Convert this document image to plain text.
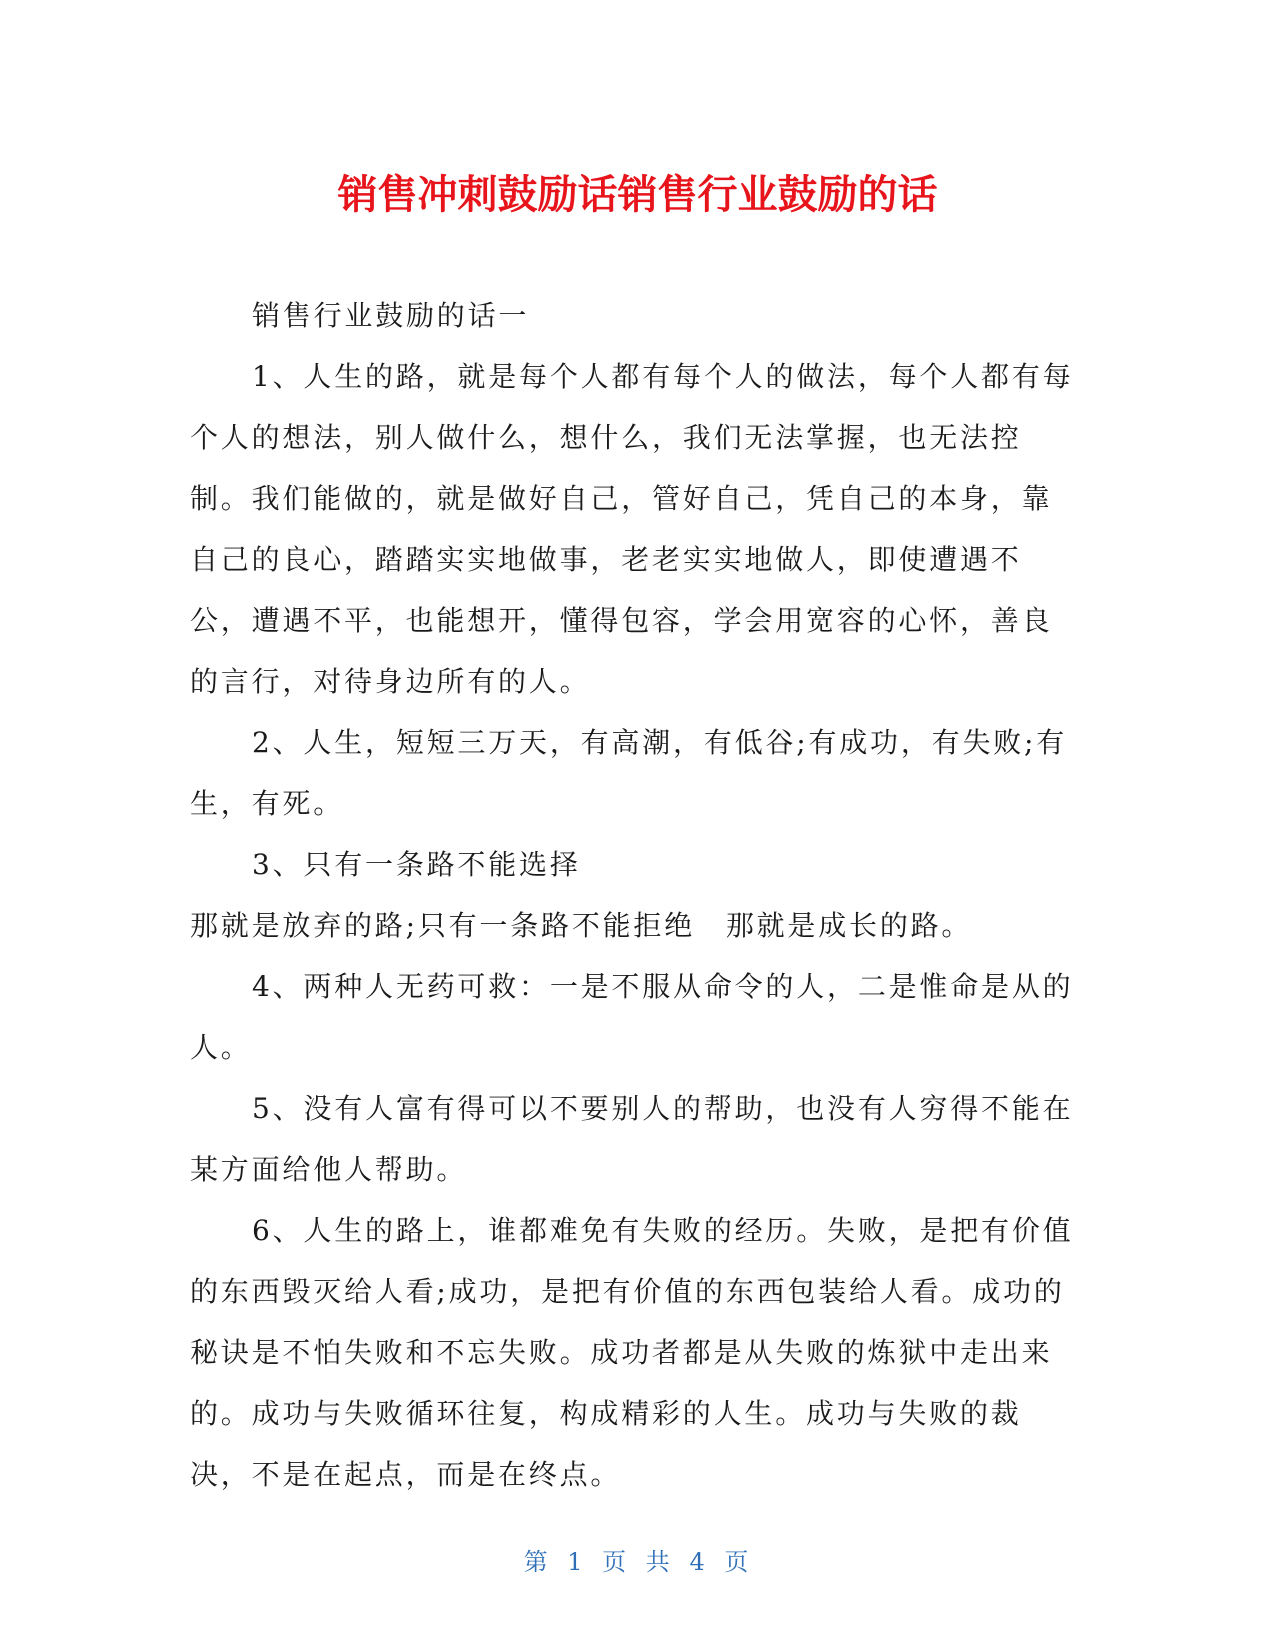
销售冲刺鼓励话销售行业鼓励的话

销售行业鼓励的话一

1、人生的路，就是每个人都有每个人的做法，每个人都有每个人的想法，别人做什么，想什么，我们无法掌握，也无法控制。我们能做的，就是做好自己，管好自己，凭自己的本身，靠自己的良心，踏踏实实地做事，老老实实地做人，即使遭遇不公，遭遇不平，也能想开，懂得包容，学会用宽容的心怀，善良的言行，对待身边所有的人。

2、人生，短短三万天，有高潮，有低谷;有成功，有失败;有生，有死。

3、只有一条路不能选择

那就是放弃的路;只有一条路不能拒绝　那就是成长的路。

4、两种人无药可救：一是不服从命令的人，二是惟命是从的人。

5、没有人富有得可以不要别人的帮助，也没有人穷得不能在某方面给他人帮助。

6、人生的路上，谁都难免有失败的经历。失败，是把有价值的东西毁灭给人看;成功，是把有价值的东西包装给人看。成功的秘诀是不怕失败和不忘失败。成功者都是从失败的炼狱中走出来的。成功与失败循环往复，构成精彩的人生。成功与失败的裁决，不是在起点，而是在终点。

第 1 页 共 4 页
